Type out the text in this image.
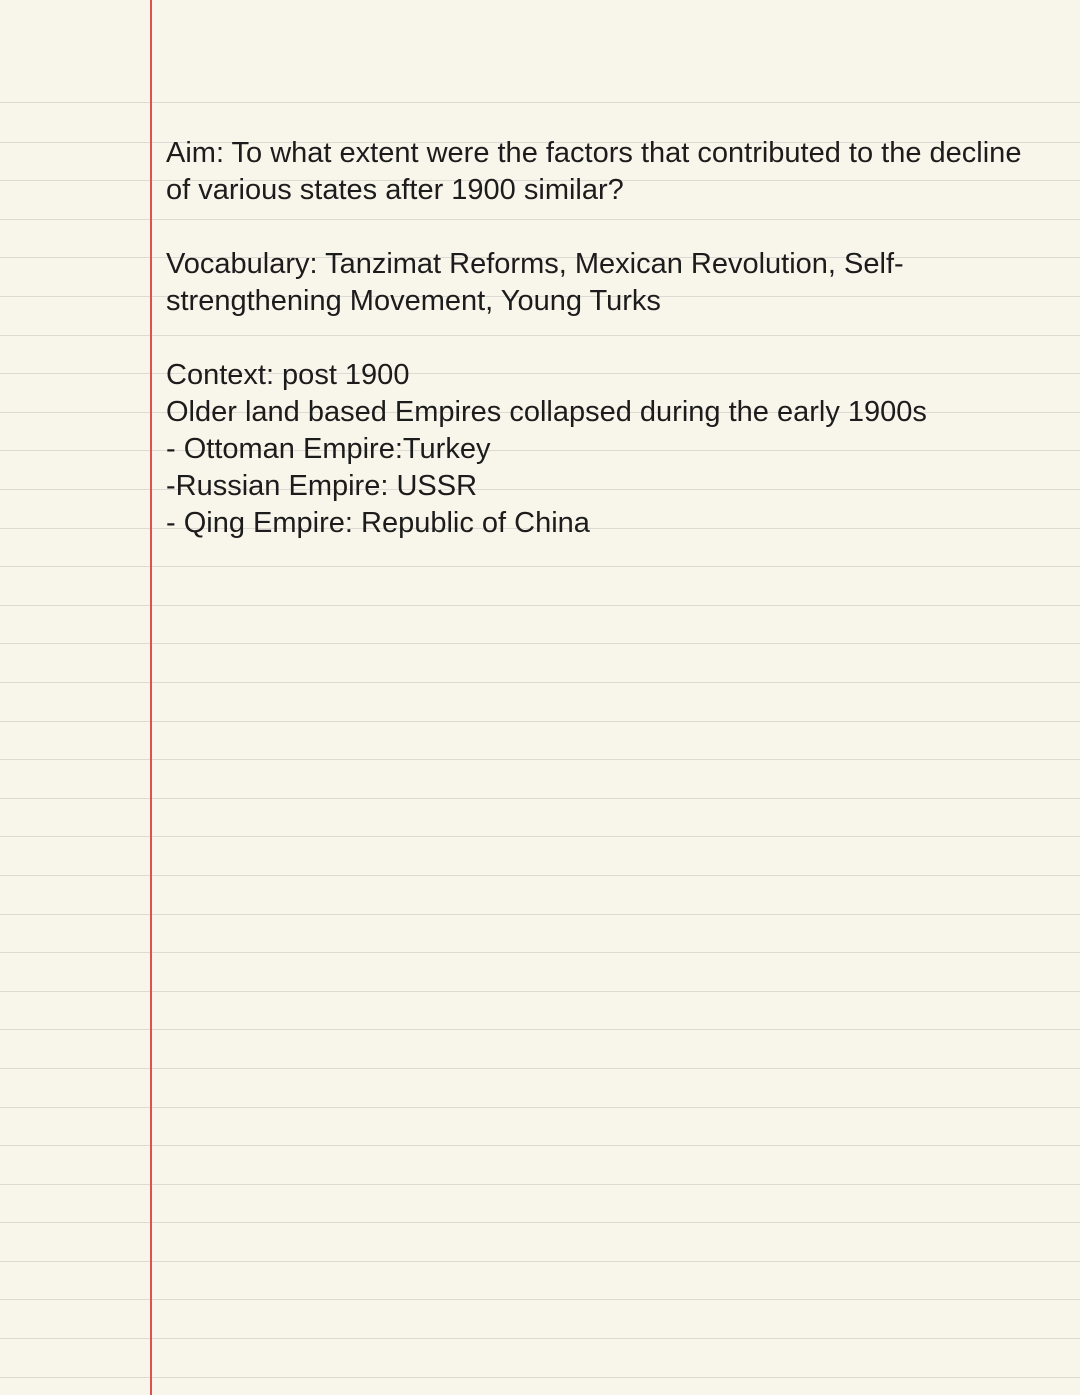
Aim: To what extent were the factors that contributed to the decline of various states after 1900 similar?

Vocabulary: Tanzimat Reforms, Mexican Revolution, Self-strengthening Movement, Young Turks

Context: post 1900

Older land based Empires collapsed during the early 1900s

- Ottoman Empire:Turkey

-Russian Empire: USSR

- Qing Empire: Republic of China
